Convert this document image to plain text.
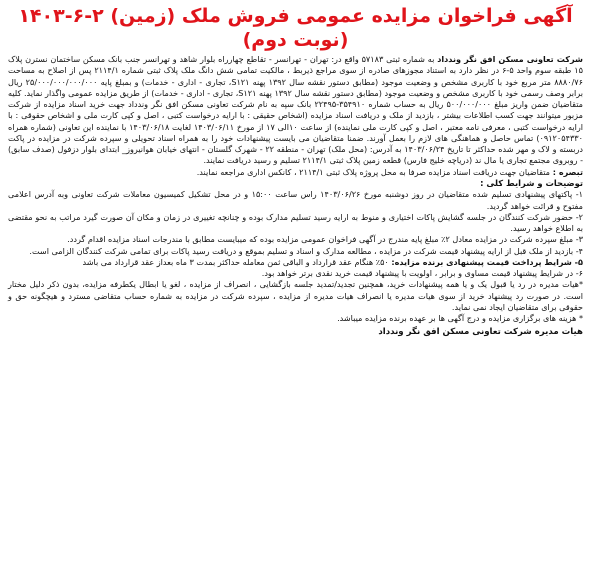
آگهی فراخوان مزایده عمومی فروش ملک (زمین) ۲-۶-۱۴۰۳
(نوبت دوم)

شرکت تعاونی مسکن افق نگر وندداد به شماره ثبتی ۵۷۱۸۳ واقع در: تهران - تهرانسر - تقاطع چهارراه بلوار شاهد و تهرانسر جنب بانک مسکن ساختمان نسترن پلاک ۱۵ طبقه سوم واحد ۵-۶ در نظر دارد به استناد مجوزهای صادره از سوی مراجع ذیربط ، مالکیت تمامی شش دانگ ملک پلاک ثبتی شماره ۲۱۱۴/۱ پس از اصلاح به مساحت ۸۸۸۰/۷۶ متر مربع خود با کاربری مشخص و وضعیت موجود (مطابق دستور نقشه سال ۱۳۹۲ پهنه S۱۲۱، تجاری - اداری - خدمات) و بمبلغ پایه ۲۵/۰۰۰/۰۰۰/۰۰۰/۰۰۰ ریال برابر وصف رسمی خود با کاربری مشخص و وضعیت موجود (مطابق دستور نقشه سال ۱۳۹۲ پهنه S۱۲۱، تجاری - اداری - خدمات) از طریق مزایده عمومی واگذار نماید. کلیه متقاضیان ضمن واریز مبلغ ۵۰۰/۰۰۰/۰۰۰ ریال به حساب شماره ۳۵۴۹۱۰-۲۲۴۹۵ بانک سپه به نام شرکت تعاونی مسکن افق نگر وندداد جهت خرید اسناد مزایده از شرکت مزبور میتوانند جهت کسب اطلاعات بیشتر ، بازدید از ملک و دریافت اسناد مزایده (اشخاص حقیقی : با ارایه درخواست کتبی ، اصل و کپی کارت ملی و اشخاص حقوقی : با ارایه درخواست کتبی ، معرفی نامه معتبر ، اصل و کپی کارت ملی نماینده) از ساعت ۱۰الی ۱۷ از مورخ ۱۴۰۳/۰۶/۱۱ لغایت ۱۴۰۳/۰۶/۱۸ با نماینده این تعاونی (شماره همراه ۰۹۱۲۰۵۴۳۳۰) تماس حاصل و هماهنگی های لازم را بعمل آورند. ضمنا متقاضیان می بایست پیشنهادات خود را به همراه اسناد تحویلی و سپرده شرکت در مزایده در پاکت دربسته و لاک و مهر شده حداکثر تا تاریخ ۱۴۰۳/۰۶/۲۴ به آدرس: (محل ملک) تهران - منطقه ۲۲ - شهرک گلستان - انتهای خیابان هوانیروز_ ابتدای بلوار دزفول (صدف سابق) - روبروی مجتمع تجاری یا مال ند (دریاچه خلیج فارس) قطعه زمین پلاک ثبتی ۲۱۱۴/۱ تسلیم و رسید دریافت نمایند.

تبصره : متقاضیان جهت دریافت اسناد مزایده صرفا به محل پروژه پلاک ثبتی ۲۱۱۴/۱ ، کانکس اداری مراجعه نمایند.

توضیحات و شرایط کلی :

۱- پاکتهای پیشنهادی تسلیم شده متقاضیان در روز دوشنبه مورخ ۱۴۰۳/۰۶/۲۶ راس ساعت ۱۵:۰۰ و در محل تشکیل کمیسیون معاملات شرکت تعاونی وبه آدرس اعلامی مفتوح و قرائت خواهد گردید.

۲- حضور شرکت کنندگان در جلسه گشایش پاکات اختیاری و منوط به ارایه رسید تسلیم مدارک بوده و چنانچه تغییری در زمان و مکان آن صورت گیرد مراتب به نحو مقتضی به اطلاع خواهد رسید.

۳- مبلغ سپرده شرکت در مزایده معادل ۲٪ مبلغ پایه مندرج در آگهی فراخوان عمومی مزایده بوده که میبایست مطابق با مندرجات اسناد مزایده اقدام گردد.

۴- بازدید از ملک قبل از ارایه پیشنهاد قیمت شرکت در مزایده ، مطالعه مدارک و اسناد و تسلیم بموقع و دریافت رسید پاکات برای تمامی شرکت کنندگان الزامی است.

۵- شرایط پرداخت قیمت پیشنهادی برنده مزایده: ۵۰٪ هنگام عقد قرارداد و الباقی ثمن معامله حداکثر بمدت ۳ ماه بعداز عقد قرارداد می باشد

۶- در شرایط پیشنهاد قیمت مساوی و برابر ، اولویت با پیشنهاد قیمت خرید نقدی برتر خواهد بود.

*هیات مدیره در رد یا قبول یک و یا همه پیشنهادات خرید، همچنین تجدید/تمدید جلسه بازگشایی ، انصراف از مزایده ، لغو یا ابطال یکطرفه مزایده، بدون ذکر دلیل مختار است. در صورت رد پیشنهاد خرید از سوی هیات مدیره یا انصراف هیات مدیره از مزایده ، سپرده شرکت در مزایده به شماره حساب متقاضی مسترد و هیچگونه حق و حقوقی برای متقاضیان ایجاد نمی نماید.

* هزینه های برگزاری مزایده و درج آگهی ها بر عهده برنده مزایده میباشد.

هیات مدیره شرکت تعاونی مسکن افق نگر وندداد
